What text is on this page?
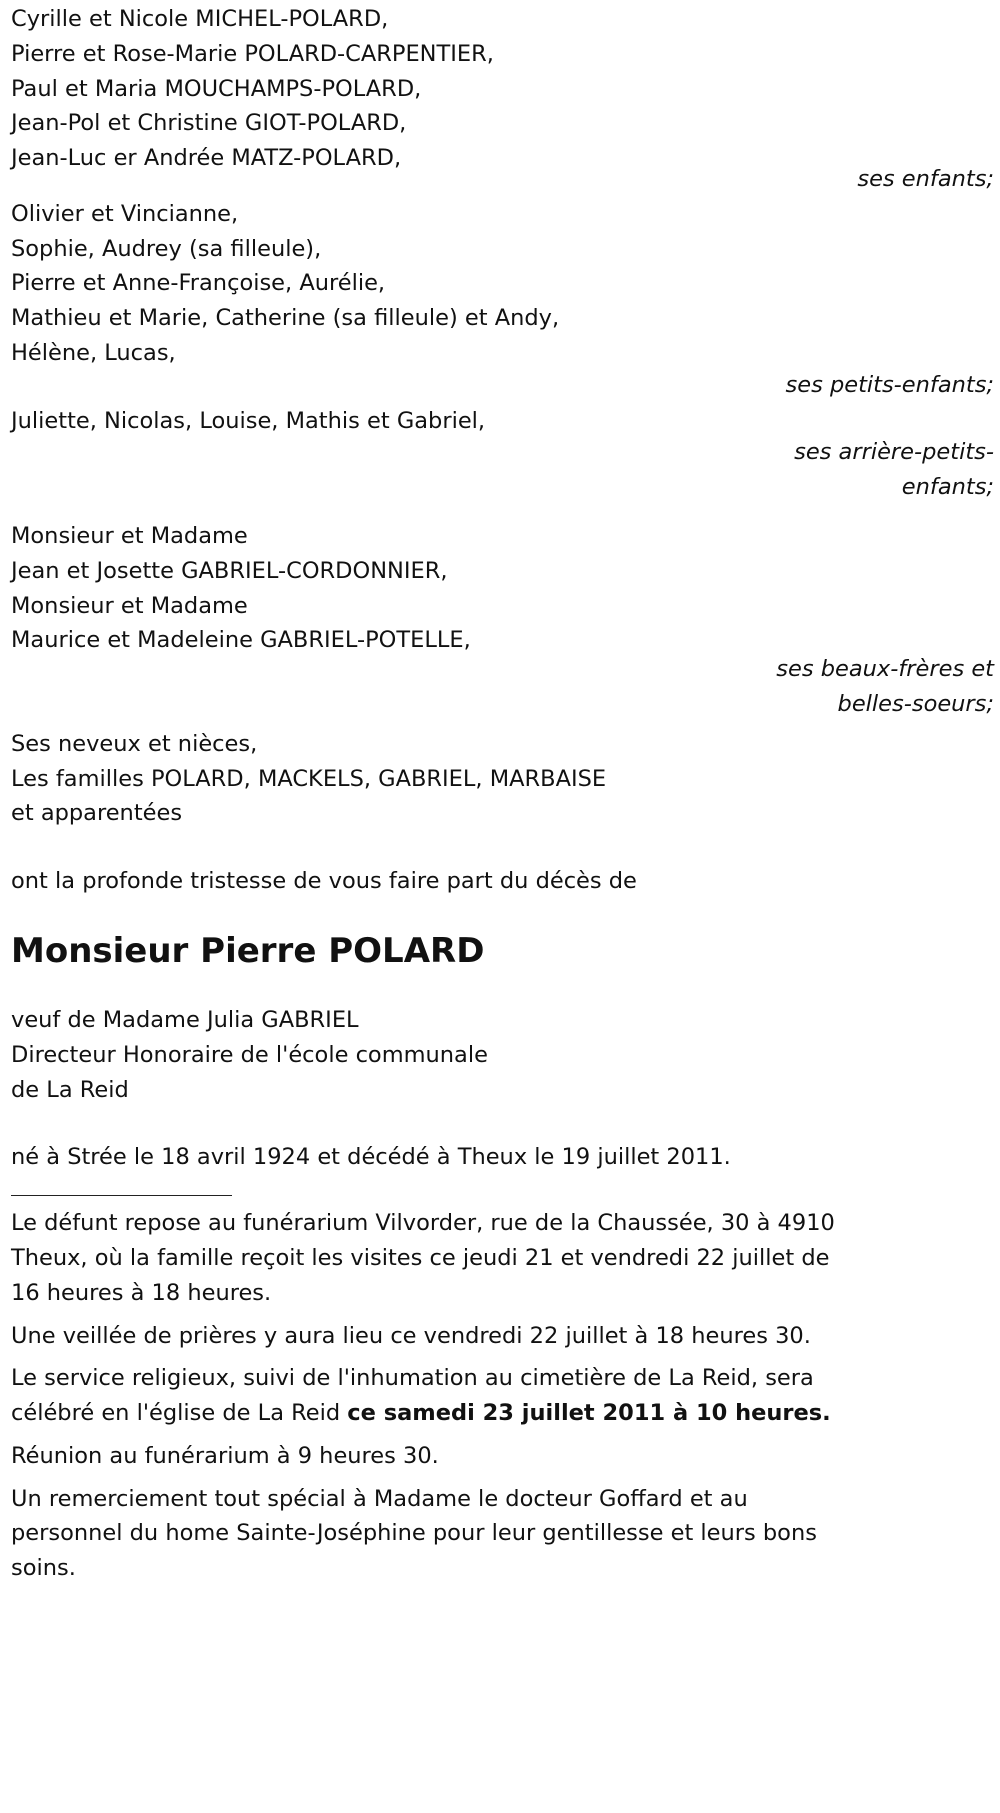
Cyrille et Nicole MICHEL-POLARD,
Pierre et Rose-Marie POLARD-CARPENTIER,
Paul et Maria MOUCHAMPS-POLARD,
Jean-Pol et Christine GIOT-POLARD,
Jean-Luc er Andrée MATZ-POLARD,
ses enfants;
Olivier et Vincianne,
Sophie, Audrey (sa filleule),
Pierre et Anne-Françoise, Aurélie,
Mathieu et Marie, Catherine (sa filleule) et Andy,
Hélène, Lucas,
ses petits-enfants;
Juliette, Nicolas, Louise, Mathis et Gabriel,
ses arrière-petits-
enfants;
Monsieur et Madame
Jean et Josette GABRIEL-CORDONNIER,
Monsieur et Madame
Maurice et Madeleine GABRIEL-POTELLE,
ses beaux-frères et
belles-soeurs;
Ses neveux et nièces,
Les familles POLARD, MACKELS, GABRIEL, MARBAISE
et apparentées
ont la profonde tristesse de vous faire part du décès de
Monsieur Pierre POLARD
veuf de Madame Julia GABRIEL
Directeur Honoraire de l'école communale
de La Reid
né à Strée le 18 avril 1924 et décédé à Theux le 19 juillet 2011.
Le défunt repose au funérarium Vilvorder, rue de la Chaussée, 30 à 4910
Theux, où la famille reçoit les visites ce jeudi 21 et vendredi 22 juillet de
16 heures à 18 heures.
Une veillée de prières y aura lieu ce vendredi 22 juillet à 18 heures 30.
Le service religieux, suivi de l'inhumation au cimetière de La Reid, sera
célébré en l'église de La Reid ce samedi 23 juillet 2011 à 10 heures.
Réunion au funérarium à 9 heures 30.
Un remerciement tout spécial à Madame le docteur Goffard et au
personnel du home Sainte-Joséphine pour leur gentillesse et leurs bons
soins.
